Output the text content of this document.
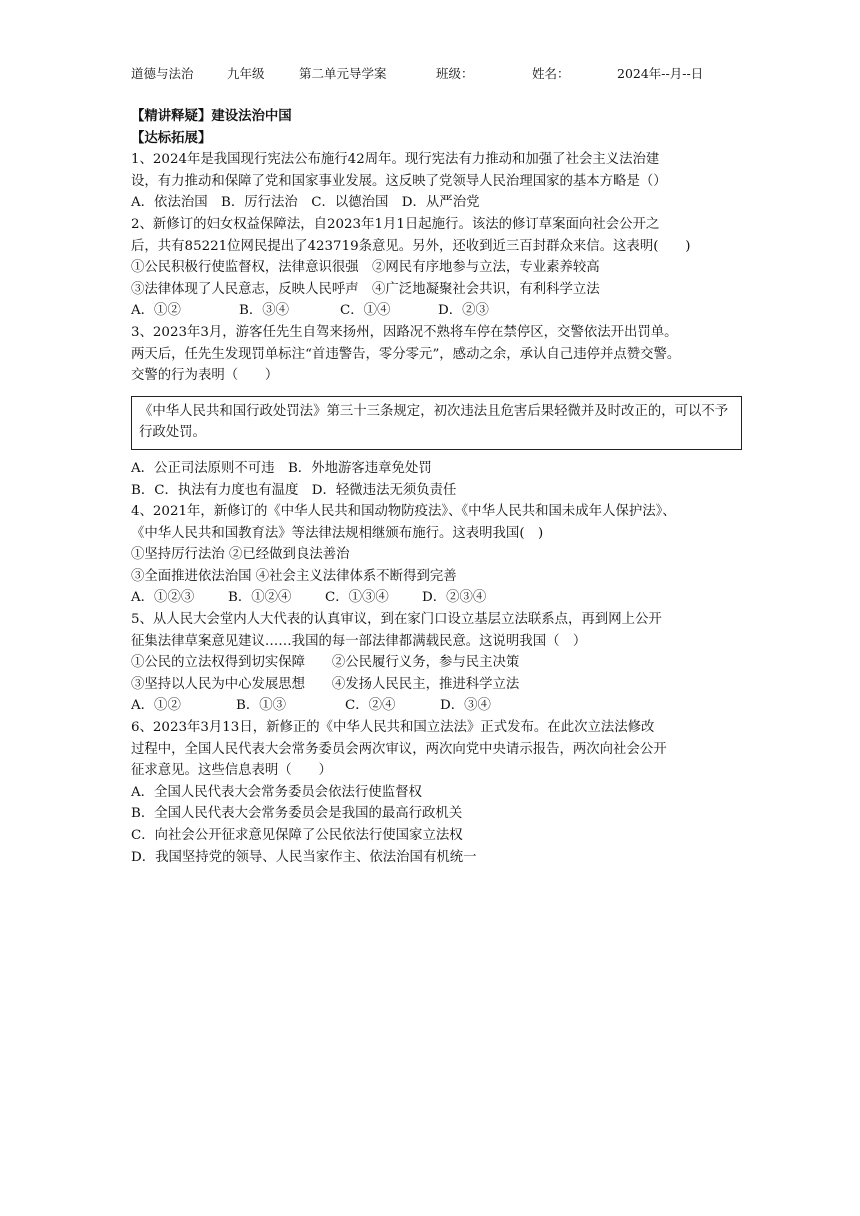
道德与法治	九年级	第二单元导学案	班级：	姓名：	2024年--月--日
【精讲释疑】建设法治中国
【达标拓展】
1、2024年是我国现行宪法公布施行42周年。现行宪法有力推动和加强了社会主义法治建
设，有力推动和保障了党和国家事业发展。这反映了党领导人民治理国家的基本方略是（）
A．依法治国　B．厉行法治　C．以德治国　D．从严治党
2、新修订的妇女权益保障法，自2023年1月1日起施行。该法的修订草案面向社会公开之
后，共有85221位网民提出了423719条意见。另外，还收到近三百封群众来信。这表明(　　)
①公民积极行使监督权，法律意识很强　②网民有序地参与立法，专业素养较高
③法律体现了人民意志，反映人民呼声　④广泛地凝聚社会共识，有利科学立法
A．①②	B．③④	C．①④	D．②③
3、2023年3月，游客任先生自驾来扬州，因路况不熟将车停在禁停区，交警依法开出罚单。
两天后，任先生发现罚单标注“首违警告，零分零元”，感动之余，承认自己违停并点赞交警。
交警的行为表明（　　）
《中华人民共和国行政处罚法》第三十三条规定，初次违法且危害后果轻微并及时改正的，可以不予行政处罚。
A．公正司法原则不可违　B．外地游客违章免处罚
B．C．执法有力度也有温度　D．轻微违法无须负责任
4、2021年，新修订的《中华人民共和国动物防疫法》、《中华人民共和国未成年人保护法》、
《中华人民共和国教育法》等法律法规相继颁布施行。这表明我国(　)
①坚持厉行法治 ②已经做到良法善治
③全面推进依法治国 ④社会主义法律体系不断得到完善
A．①②③	B．①②④	C．①③④ D．②③④
5、从人民大会堂内人大代表的认真审议，到在家门口设立基层立法联系点，再到网上公开
征集法律草案意见建议……我国的每一部法律都满载民意。这说明我国（　）
①公民的立法权得到切实保障　　②公民履行义务，参与民主决策
③坚持以人民为中心发展思想　　④发扬人民民主，推进科学立法
A．①②	B．①③	C．②④	D．③④
6、2023年3月13日，新修正的《中华人民共和国立法法》正式发布。在此次立法法修改
过程中，全国人民代表大会常务委员会两次审议，两次向党中央请示报告，两次向社会公开
征求意见。这些信息表明（　　）
A．全国人民代表大会常务委员会依法行使监督权
B．全国人民代表大会常务委员会是我国的最高行政机关
C．向社会公开征求意见保障了公民依法行使国家立法权
D．我国坚持党的领导、人民当家作主、依法治国有机统一
